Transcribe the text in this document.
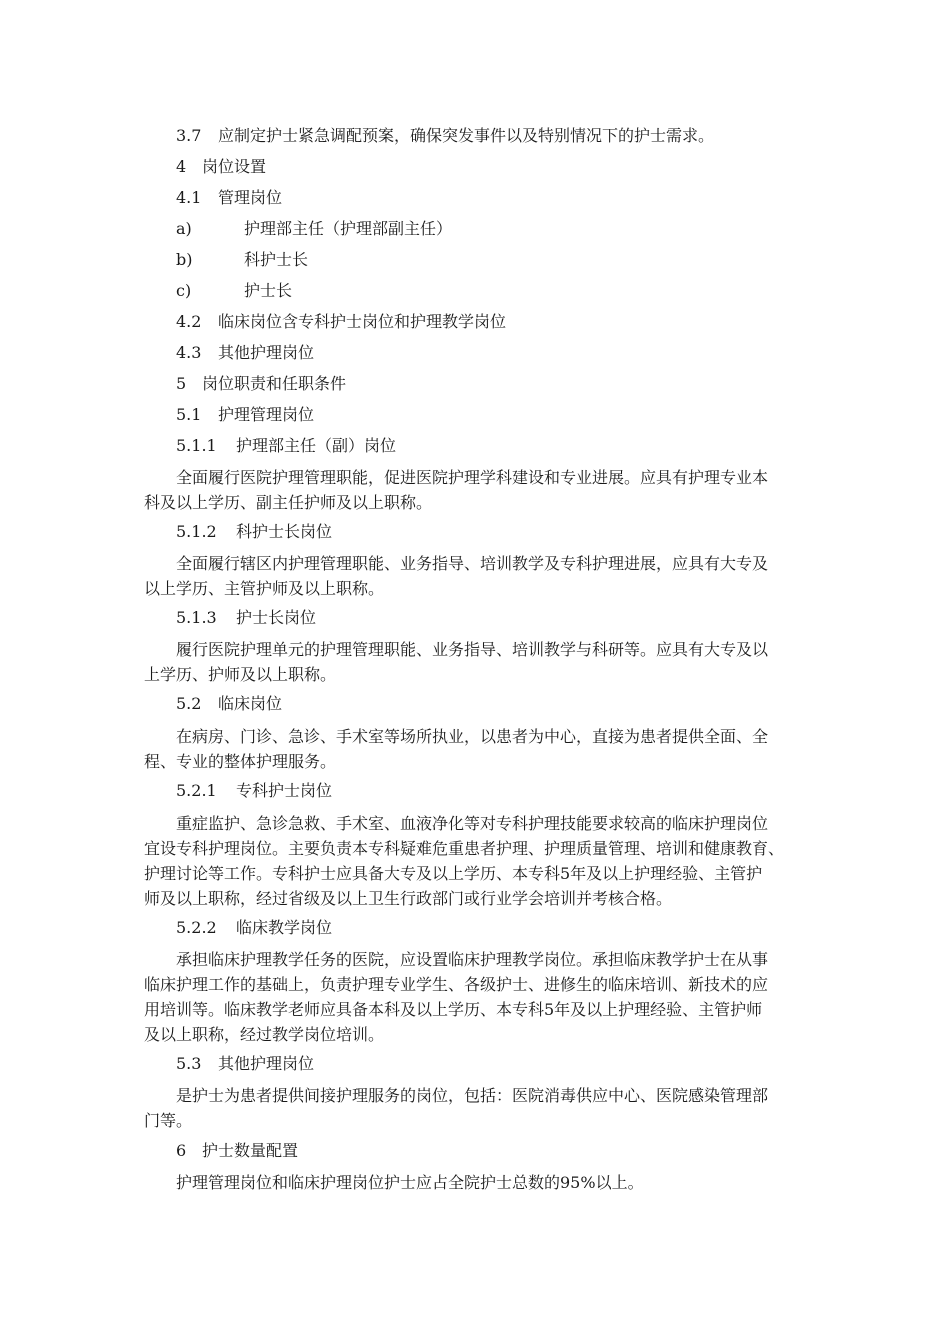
3.7 应制定护士紧急调配预案，确保突发事件以及特别情况下的护士需求。
4 岗位设置
4.1 管理岗位
a)	护理部主任（护理部副主任）
b)	科护士长
c)	护士长
4.2 临床岗位含专科护士岗位和护理教学岗位
4.3 其他护理岗位
5 岗位职责和任职条件
5.1 护理管理岗位
5.1.1 护理部主任（副）岗位
全面履行医院护理管理职能，促进医院护理学科建设和专业进展。应具有护理专业本
科及以上学历、副主任护师及以上职称。
5.1.2 科护士长岗位
全面履行辖区内护理管理职能、业务指导、培训教学及专科护理进展，应具有大专及
以上学历、主管护师及以上职称。
5.1.3 护士长岗位
履行医院护理单元的护理管理职能、业务指导、培训教学与科研等。应具有大专及以
上学历、护师及以上职称。
5.2 临床岗位
在病房、门诊、急诊、手术室等场所执业，以患者为中心，直接为患者提供全面、全
程、专业的整体护理服务。
5.2.1 专科护士岗位
重症监护、急诊急救、手术室、血液净化等对专科护理技能要求较高的临床护理岗位
宜设专科护理岗位。主要负责本专科疑难危重患者护理、护理质量管理、培训和健康教育、
护理讨论等工作。专科护士应具备大专及以上学历、本专科5年及以上护理经验、主管护
师及以上职称，经过省级及以上卫生行政部门或行业学会培训并考核合格。
5.2.2 临床教学岗位
承担临床护理教学任务的医院，应设置临床护理教学岗位。承担临床教学护士在从事
临床护理工作的基础上，负责护理专业学生、各级护士、进修生的临床培训、新技术的应
用培训等。临床教学老师应具备本科及以上学历、本专科5年及以上护理经验、主管护师
及以上职称，经过教学岗位培训。
5.3 其他护理岗位
是护士为患者提供间接护理服务的岗位，包括：医院消毒供应中心、医院感染管理部
门等。
6 护士数量配置
护理管理岗位和临床护理岗位护士应占全院护士总数的95%以上。
